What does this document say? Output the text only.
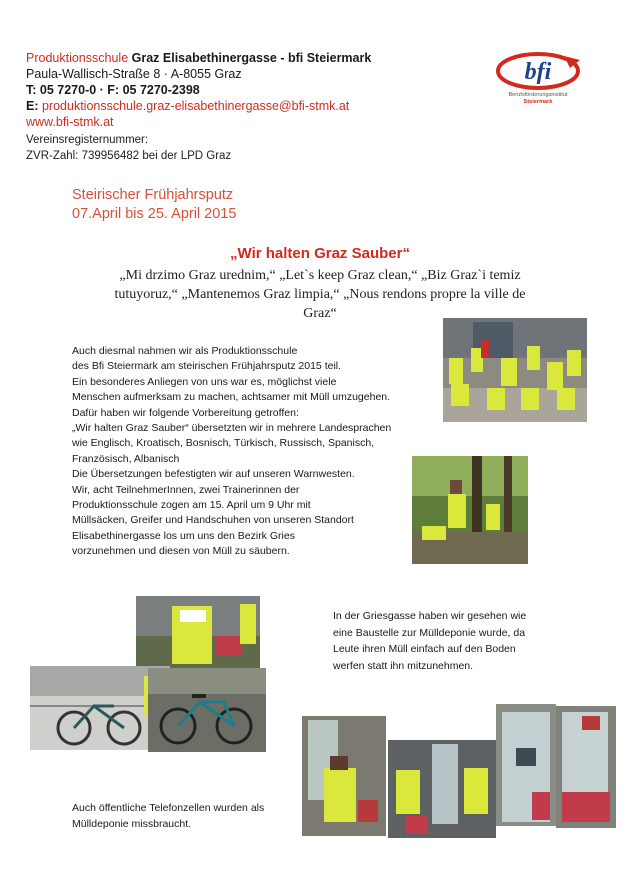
Produktionsschule Graz Elisabethinergasse - bfi Steiermark
Paula-Wallisch-Straße 8 · A-8055 Graz
T: 05 7270-0 · F: 05 7270-2398
E: produktionsschule.graz-elisabethinergasse@bfi-stmk.at
www.bfi-stmk.at
Vereinsregisternummer:
ZVR-Zahl: 739956482 bei der LPD Graz
bfi
Berufsförderungsinstitut
Steiermark
Steirischer Frühjahrsputz
07.April bis 25. April 2015
„Wir halten Graz Sauber“
„Mi drzimo Graz urednim,“ „Let`s keep Graz clean,“ „Biz Graz`i temiz
tutuyoruz,“ „Mantenemos Graz limpia,“ „Nous rendons propre la ville de
Graz“
Auch diesmal nahmen wir als Produktionsschule
des Bfi Steiermark am steirischen Frühjahrsputz 2015 teil.
Ein besonderes Anliegen von uns war es, möglichst viele
Menschen aufmerksam zu machen, achtsamer mit Müll umzugehen.
Dafür haben wir folgende Vorbereitung getroffen:
„Wir halten Graz Sauber“ übersetzten wir in mehrere Landesprachen
wie Englisch, Kroatisch, Bosnisch, Türkisch, Russisch, Spanisch,
Französisch, Albanisch
Die Übersetzungen befestigten wir auf unseren Warnwesten.
Wir, acht TeilnehmerInnen, zwei Trainerinnen der
Produktionsschule zogen am 15. April um 9 Uhr mit
Müllsäcken, Greifer und Handschuhen von unseren Standort
Elisabethinergasse los um uns den Bezirk Gries
vorzunehmen und diesen von Müll zu säubern.
In der Griesgasse haben wir gesehen wie
eine Baustelle zur Mülldeponie wurde, da
Leute ihren Müll einfach auf den Boden
werfen statt ihn mitzunehmen.
Auch öffentliche Telefonzellen wurden als
Mülldeponie missbraucht.
